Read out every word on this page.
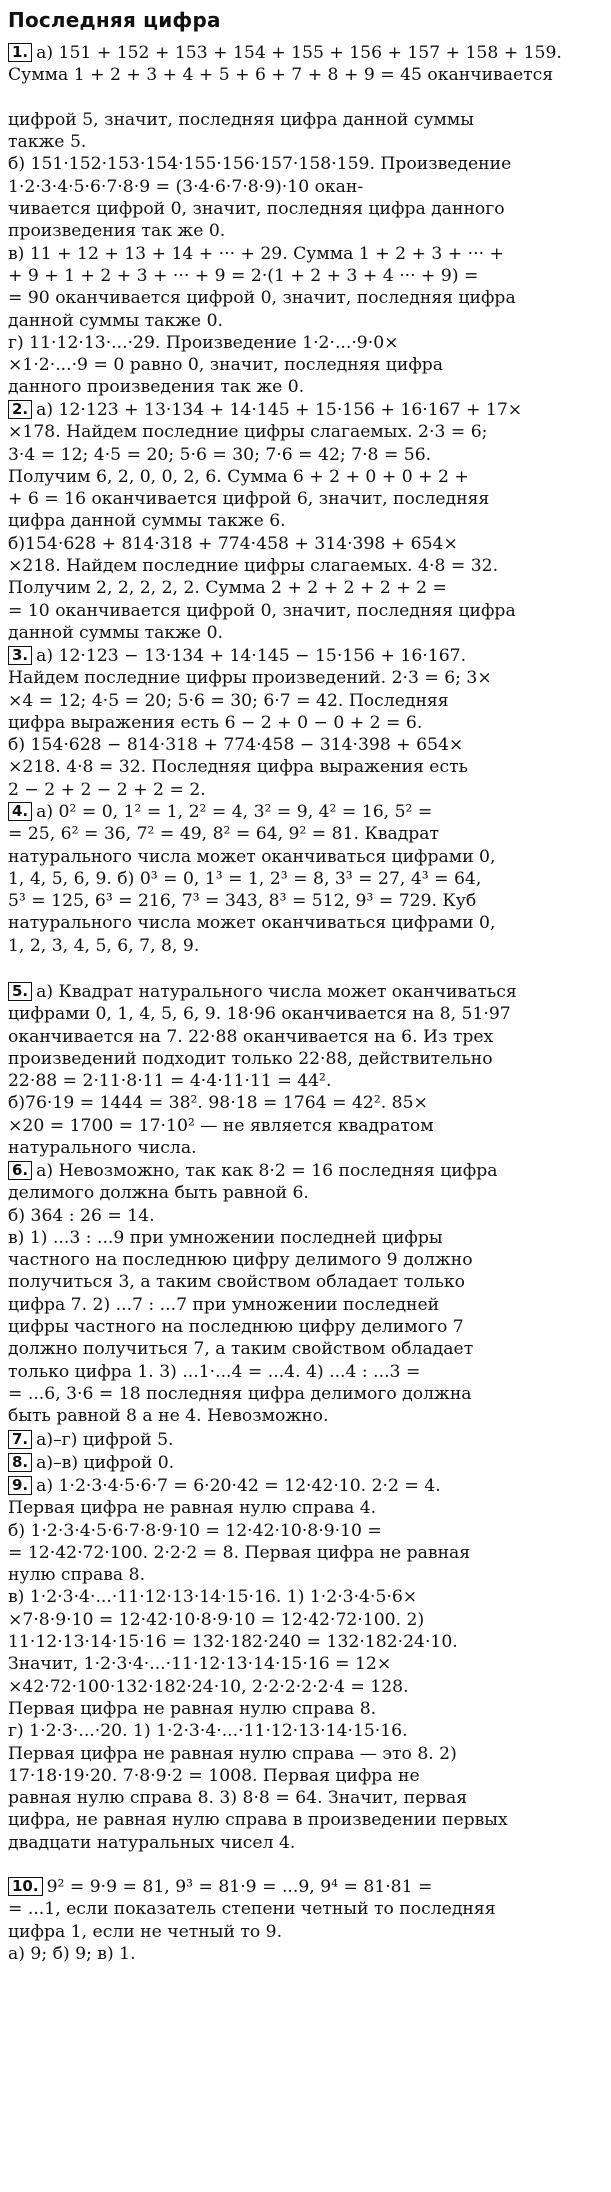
Последняя цифра
1. а) 151 + 152 + 153 + 154 + 155 + 156 + 157 + 158 + 159.
Сумма 1 + 2 + 3 + 4 + 5 + 6 + 7 + 8 + 9 = 45 оканчивается

цифрой 5, значит, последняя цифра данной суммы
также 5.
б) 151·152·153·154·155·156·157·158·159. Произведение
1·2·3·4·5·6·7·8·9 = (3·4·6·7·8·9)·10 окан-
чивается цифрой 0, значит, последняя цифра данного
произведения так же 0.
в) 11 + 12 + 13 + 14 + ··· + 29. Сумма 1 + 2 + 3 + ··· +
+ 9 + 1 + 2 + 3 + ··· + 9 = 2·(1 + 2 + 3 + 4 ··· + 9) =
= 90 оканчивается цифрой 0, значит, последняя цифра
данной суммы также 0.
г) 11·12·13·...·29. Произведение 1·2·...·9·0×
×1·2·...·9 = 0 равно 0, значит, последняя цифра
данного произведения так же 0.
2. а) 12·123 + 13·134 + 14·145 + 15·156 + 16·167 + 17×
×178. Найдем последние цифры слагаемых. 2·3 = 6;
3·4 = 12; 4·5 = 20; 5·6 = 30; 7·6 = 42; 7·8 = 56.
Получим 6, 2, 0, 0, 2, 6. Сумма 6 + 2 + 0 + 0 + 2 +
+ 6 = 16 оканчивается цифрой 6, значит, последняя
цифра данной суммы также 6.
б)154·628 + 814·318 + 774·458 + 314·398 + 654×
×218. Найдем последние цифры слагаемых. 4·8 = 32.
Получим 2, 2, 2, 2, 2. Сумма 2 + 2 + 2 + 2 + 2 =
= 10 оканчивается цифрой 0, значит, последняя цифра
данной суммы также 0.
3. а) 12·123 − 13·134 + 14·145 − 15·156 + 16·167.
Найдем последние цифры произведений. 2·3 = 6; 3×
×4 = 12; 4·5 = 20; 5·6 = 30; 6·7 = 42. Последняя
цифра выражения есть 6 − 2 + 0 − 0 + 2 = 6.
б) 154·628 − 814·318 + 774·458 − 314·398 + 654×
×218. 4·8 = 32. Последняя цифра выражения есть
2 − 2 + 2 − 2 + 2 = 2.
4. а) 0² = 0, 1² = 1, 2² = 4, 3² = 9, 4² = 16, 5² =
= 25, 6² = 36, 7² = 49, 8² = 64, 9² = 81. Квадрат
натурального числа может оканчиваться цифрами 0,
1, 4, 5, 6, 9. б) 0³ = 0, 1³ = 1, 2³ = 8, 3³ = 27, 4³ = 64,
5³ = 125, 6³ = 216, 7³ = 343, 8³ = 512, 9³ = 729. Куб
натурального числа может оканчиваться цифрами 0,
1, 2, 3, 4, 5, 6, 7, 8, 9.
5. а) Квадрат натурального числа может оканчиваться
цифрами 0, 1, 4, 5, 6, 9. 18·96 оканчивается на 8, 51·97
оканчивается на 7. 22·88 оканчивается на 6. Из трех
произведений подходит только 22·88, действительно
22·88 = 2·11·8·11 = 4·4·11·11 = 44².
б)76·19 = 1444 = 38². 98·18 = 1764 = 42². 85×
×20 = 1700 = 17·10² — не является квадратом
натурального числа.
6. а) Невозможно, так как 8·2 = 16 последняя цифра
делимого должна быть равной 6.
б) 364 : 26 = 14.
в) 1) ...3 : ...9 при умножении последней цифры
частного на последнюю цифру делимого 9 должно
получиться 3, а таким свойством обладает только
цифра 7. 2) ...7 : ...7 при умножении последней
цифры частного на последнюю цифру делимого 7
должно получиться 7, а таким свойством обладает
только цифра 1. 3) ...1·...4 = ...4. 4) ...4 : ...3 =
= ...6, 3·6 = 18 последняя цифра делимого должна
быть равной 8 а не 4. Невозможно.
7. а)–г) цифрой 5.
8. а)–в) цифрой 0.
9. а) 1·2·3·4·5·6·7 = 6·20·42 = 12·42·10. 2·2 = 4.
Первая цифра не равная нулю справа 4.
б) 1·2·3·4·5·6·7·8·9·10 = 12·42·10·8·9·10 =
= 12·42·72·100. 2·2·2 = 8. Первая цифра не равная
нулю справа 8.
в) 1·2·3·4·...·11·12·13·14·15·16. 1) 1·2·3·4·5·6×
×7·8·9·10 = 12·42·10·8·9·10 = 12·42·72·100. 2)
11·12·13·14·15·16 = 132·182·240 = 132·182·24·10.
Значит, 1·2·3·4·...·11·12·13·14·15·16 = 12×
×42·72·100·132·182·24·10, 2·2·2·2·2·4 = 128.
Первая цифра не равная нулю справа 8.
г) 1·2·3·...·20. 1) 1·2·3·4·...·11·12·13·14·15·16.
Первая цифра не равная нулю справа — это 8. 2)
17·18·19·20. 7·8·9·2 = 1008. Первая цифра не
равная нулю справа 8. 3) 8·8 = 64. Значит, первая
цифра, не равная нулю справа в произведении первых
двадцати натуральных чисел 4.
10. 9² = 9·9 = 81, 9³ = 81·9 = ...9, 9⁴ = 81·81 =
= ...1, если показатель степени четный то последняя
цифра 1, если не четный то 9.
а) 9; б) 9; в) 1.
